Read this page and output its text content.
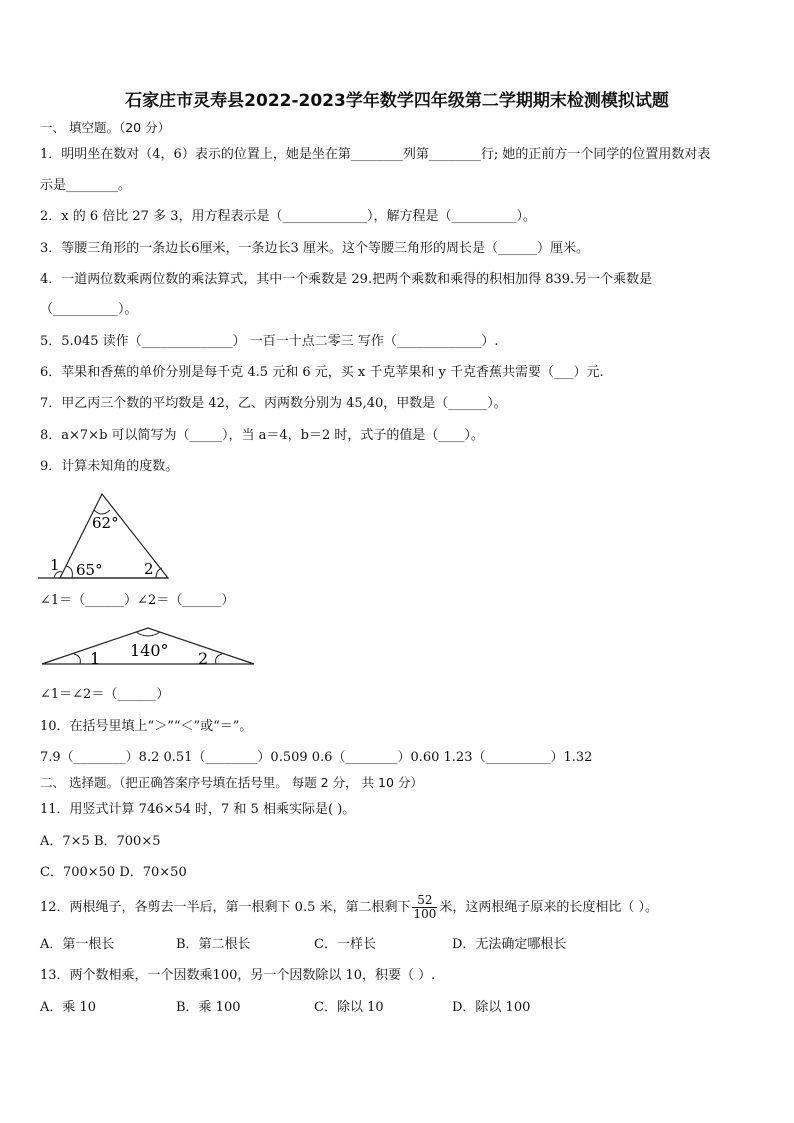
石家庄市灵寿县2022-2023学年数学四年级第二学期期末检测模拟试题
一、 填空题。（20 分）
1．明明坐在数对（4，6）表示的位置上，她是坐在第________列第________行; 她的正前方一个同学的位置用数对表
示是________。
2．x 的 6 倍比 27 多 3，用方程表示是（_____________），解方程是（__________）。
3．等腰三角形的一条边长6厘米，一条边长3 厘米。这个等腰三角形的周长是（______）厘米。
4．一道两位数乘两位数的乘法算式，其中一个乘数是 29.把两个乘数和乘得的积相加得 839.另一个乘数是
（__________）。
5．5.045 读作（______________） 一百一十点二零三 写作（_____________）.
6．苹果和香蕉的单价分别是每千克 4.5 元和 6 元，买 x 千克苹果和 y 千克香蕉共需要（___）元.
7．甲乙丙三个数的平均数是 42，乙、丙两数分别为 45,40，甲数是（______）。
8．a×7×b 可以简写为（_____），当 a＝4，b＝2 时，式子的值是（____）。
9．计算未知角的度数。
62°
1 65°	2
∠1＝（______）∠2＝（______）
140°
1	2
∠1＝∠2＝（______）
10．在括号里填上“＞”“＜”或“＝”。
7.9（________）8.2 0.51（________）0.509 0.6（________）0.60 1.23（__________）1.32
二、 选择题。（把正确答案序号填在括号里。 每题 2 分， 共 10 分）
11．用竖式计算 746×54 时，7 和 5 相乘实际是( )。
A．7×5 B．700×5
C．700×50 D．70×50
12．两根绳子，各剪去一半后，第一根剩下 0.5 米，第二根剩下 $\frac{52}{100}$ 米，这两根绳子原来的长度相比（ ）。
A．第一根长	B．第二根长	C．一样长	D．无法确定哪根长
13．两个数相乘，一个因数乘100，另一个因数除以 10，积要（ ）.
A．乘 10	B．乘 100	C．除以 10	D．除以 100
